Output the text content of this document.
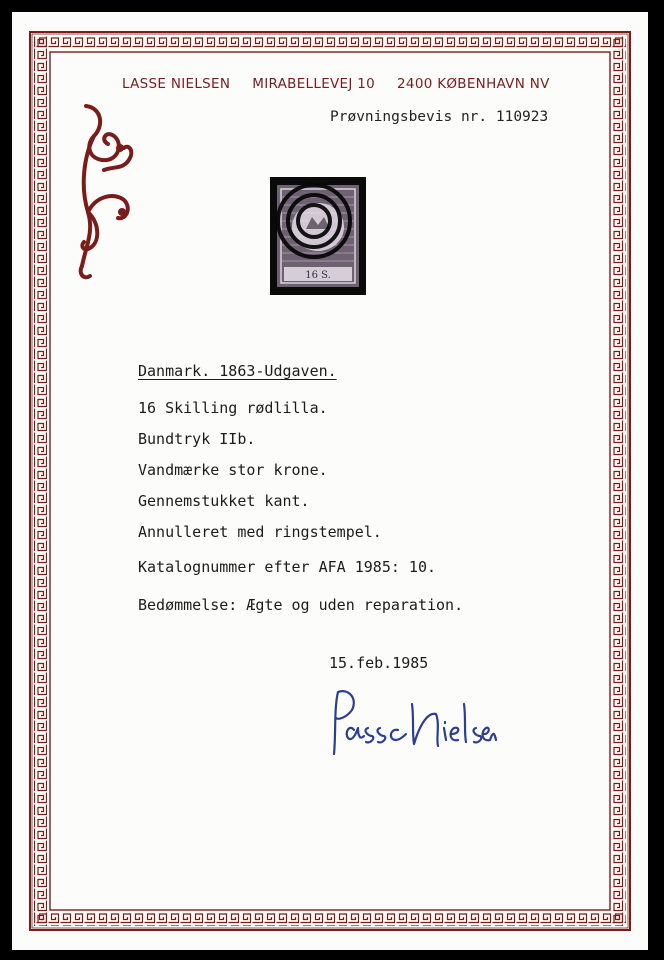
LASSE NIELSEN MIRABELLEVEJ 10 2400 KØBENHAVN NV
Prøvningsbevis nr. 110923
16 S.
Danmark. 1863-Udgaven.
16 Skilling rødlilla.
Bundtryk IIb.
Vandmærke stor krone.
Gennemstukket kant.
Annulleret med ringstempel.
Katalognummer efter AFA 1985: 10.
Bedømmelse: Ægte og uden reparation.
15.feb.1985
